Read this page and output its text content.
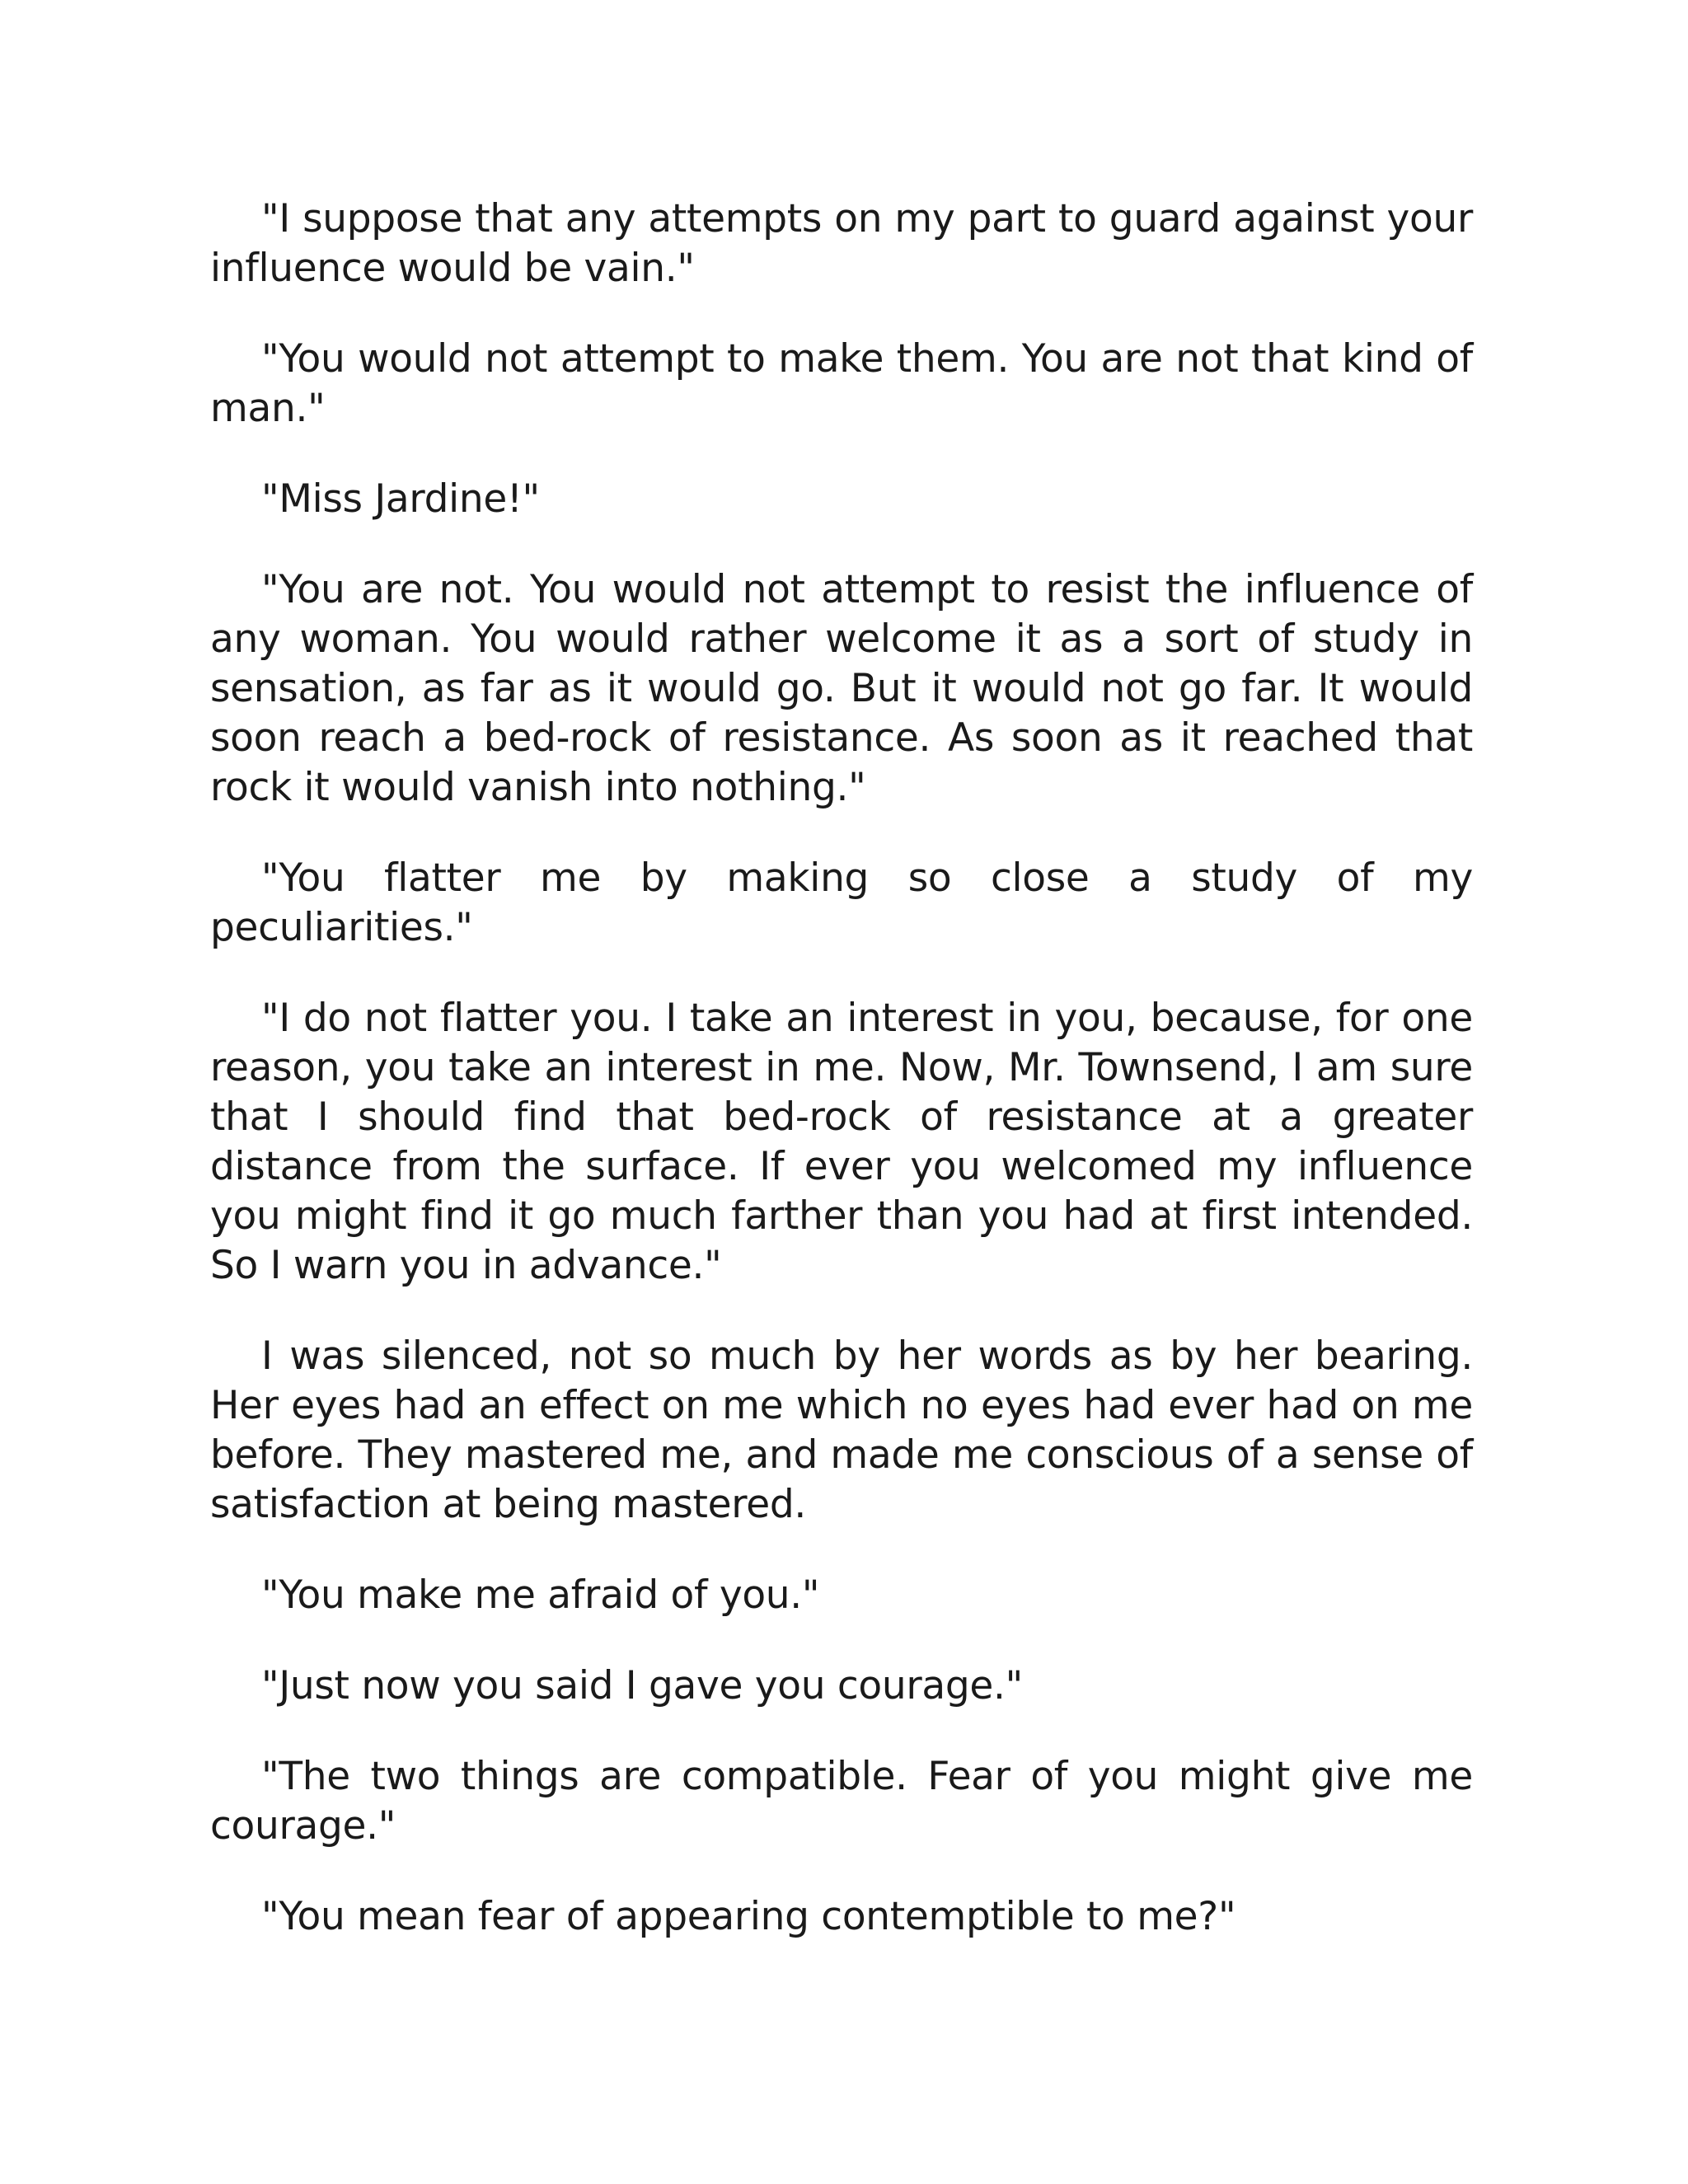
"I suppose that any attempts on my part to guard against your influence would be vain."

"You would not attempt to make them. You are not that kind of man."

"Miss Jardine!"

"You are not. You would not attempt to resist the influence of any woman. You would rather welcome it as a sort of study in sensation, as far as it would go. But it would not go far. It would soon reach a bed-rock of resistance. As soon as it reached that rock it would vanish into nothing."

"You flatter me by making so close a study of my peculiarities."

"I do not flatter you. I take an interest in you, because, for one reason, you take an interest in me. Now, Mr. Townsend, I am sure that I should find that bed-rock of resistance at a greater distance from the surface. If ever you welcomed my influence you might find it go much farther than you had at first intended. So I warn you in advance."

I was silenced, not so much by her words as by her bearing. Her eyes had an effect on me which no eyes had ever had on me before. They mastered me, and made me conscious of a sense of satisfaction at being mastered.

"You make me afraid of you."

"Just now you said I gave you courage."

"The two things are compatible. Fear of you might give me courage."

"You mean fear of appearing contemptible to me?"
